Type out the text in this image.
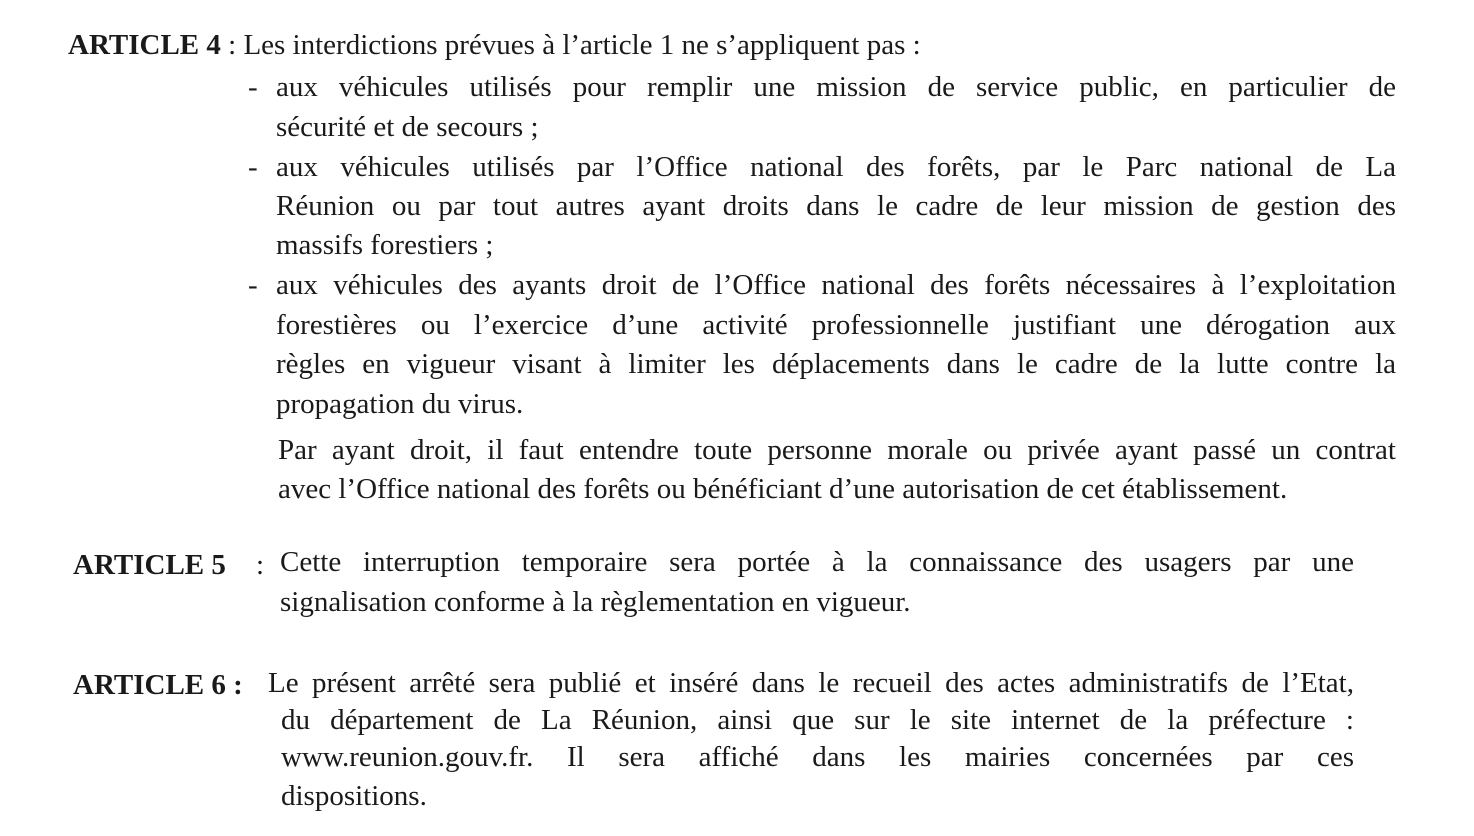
ARTICLE 4 : Les interdictions prévues à l’article 1 ne s’appliquent pas :
- aux véhicules utilisés pour remplir une mission de service public, en particulier de
sécurité et de secours ;
- aux véhicules utilisés par l’Office national des forêts, par le Parc national de La
Réunion ou par tout autres ayant droits dans le cadre de leur mission de gestion des
massifs forestiers ;
- aux véhicules des ayants droit de l’Office national des forêts nécessaires à l’exploitation
forestières ou l’exercice d’une activité professionnelle justifiant une dérogation aux
règles en vigueur visant à limiter les déplacements dans le cadre de la lutte contre la
propagation du virus.
Par ayant droit, il faut entendre toute personne morale ou privée ayant passé un contrat
avec l’Office national des forêts ou bénéficiant d’une autorisation de cet établissement.
ARTICLE 5 : Cette interruption temporaire sera portée à la connaissance des usagers par une
signalisation conforme à la règlementation en vigueur.
ARTICLE 6 : Le présent arrêté sera publié et inséré dans le recueil des actes administratifs de l’Etat,
du département de La Réunion, ainsi que sur le site internet de la préfecture :
www.reunion.gouv.fr. Il sera affiché dans les mairies concernées par ces
dispositions.
